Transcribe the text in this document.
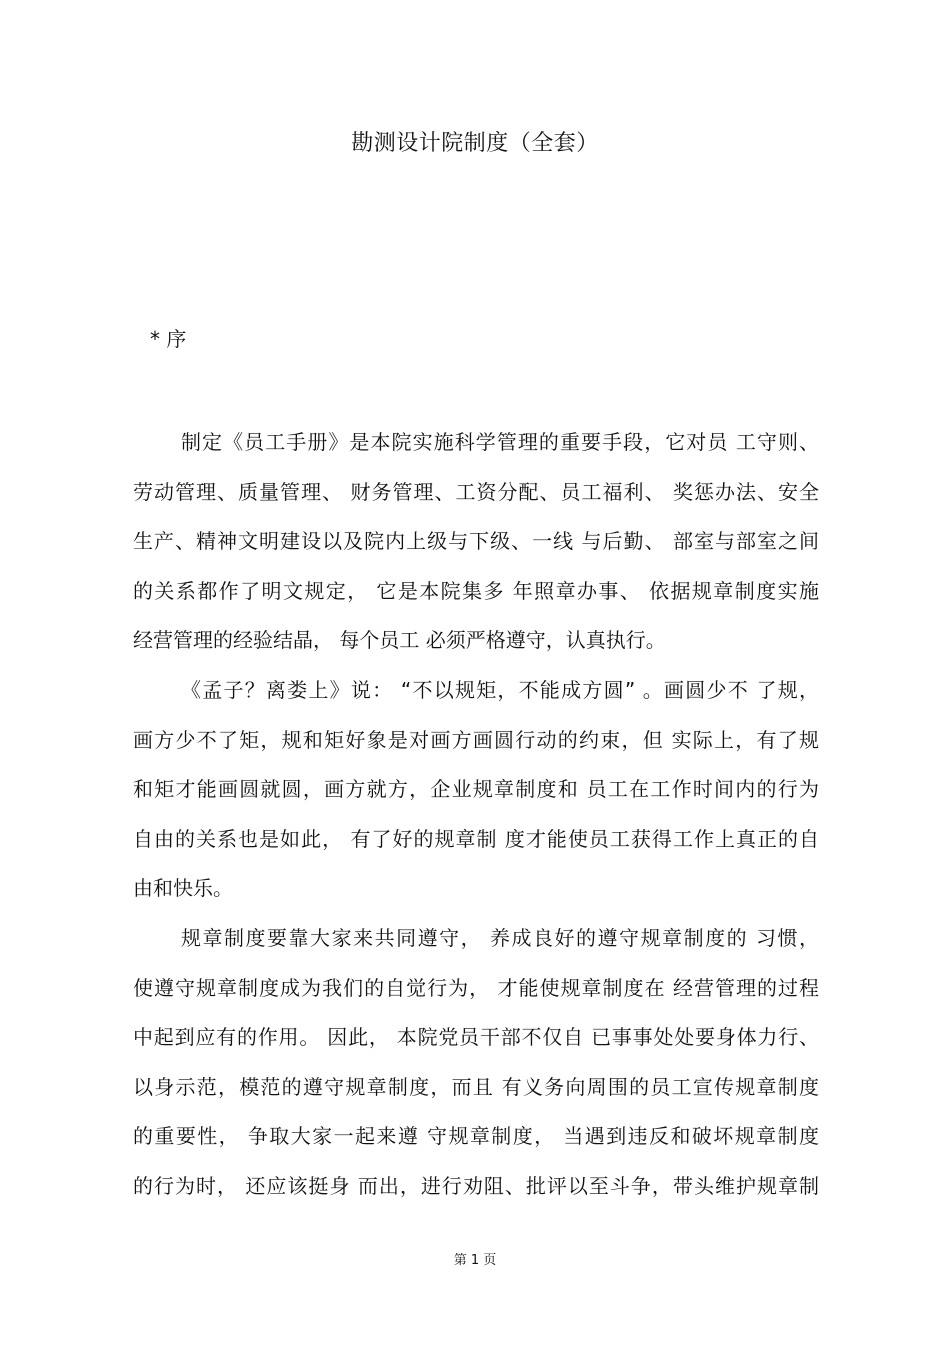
勘测设计院制度（全套）
* 序
制定《员工手册》是本院实施科学管理的重要手段，它对员 工守则、
劳动管理、质量管理、 财务管理、工资分配、员工福利、 奖惩办法、安全
生产、精神文明建设以及院内上级与下级、一线 与后勤、 部室与部室之间
的关系都作了明文规定， 它是本院集多 年照章办事、 依据规章制度实施
经营管理的经验结晶， 每个员工 必须严格遵守，认真执行。
《孟子？离娄上》说： “不以规矩，不能成方圆” 。画圆少不 了规，
画方少不了矩，规和矩好象是对画方画圆行动的约束，但 实际上，有了规
和矩才能画圆就圆，画方就方，企业规章制度和 员工在工作时间内的行为
自由的关系也是如此， 有了好的规章制 度才能使员工获得工作上真正的自
由和快乐。
规章制度要靠大家来共同遵守， 养成良好的遵守规章制度的 习惯，
使遵守规章制度成为我们的自觉行为， 才能使规章制度在 经营管理的过程
中起到应有的作用。 因此， 本院党员干部不仅自 已事事处处要身体力行、
以身示范，模范的遵守规章制度，而且 有义务向周围的员工宣传规章制度
的重要性， 争取大家一起来遵 守规章制度， 当遇到违反和破坏规章制度
的行为时， 还应该挺身 而出，进行劝阻、批评以至斗争，带头维护规章制
第 1 页
